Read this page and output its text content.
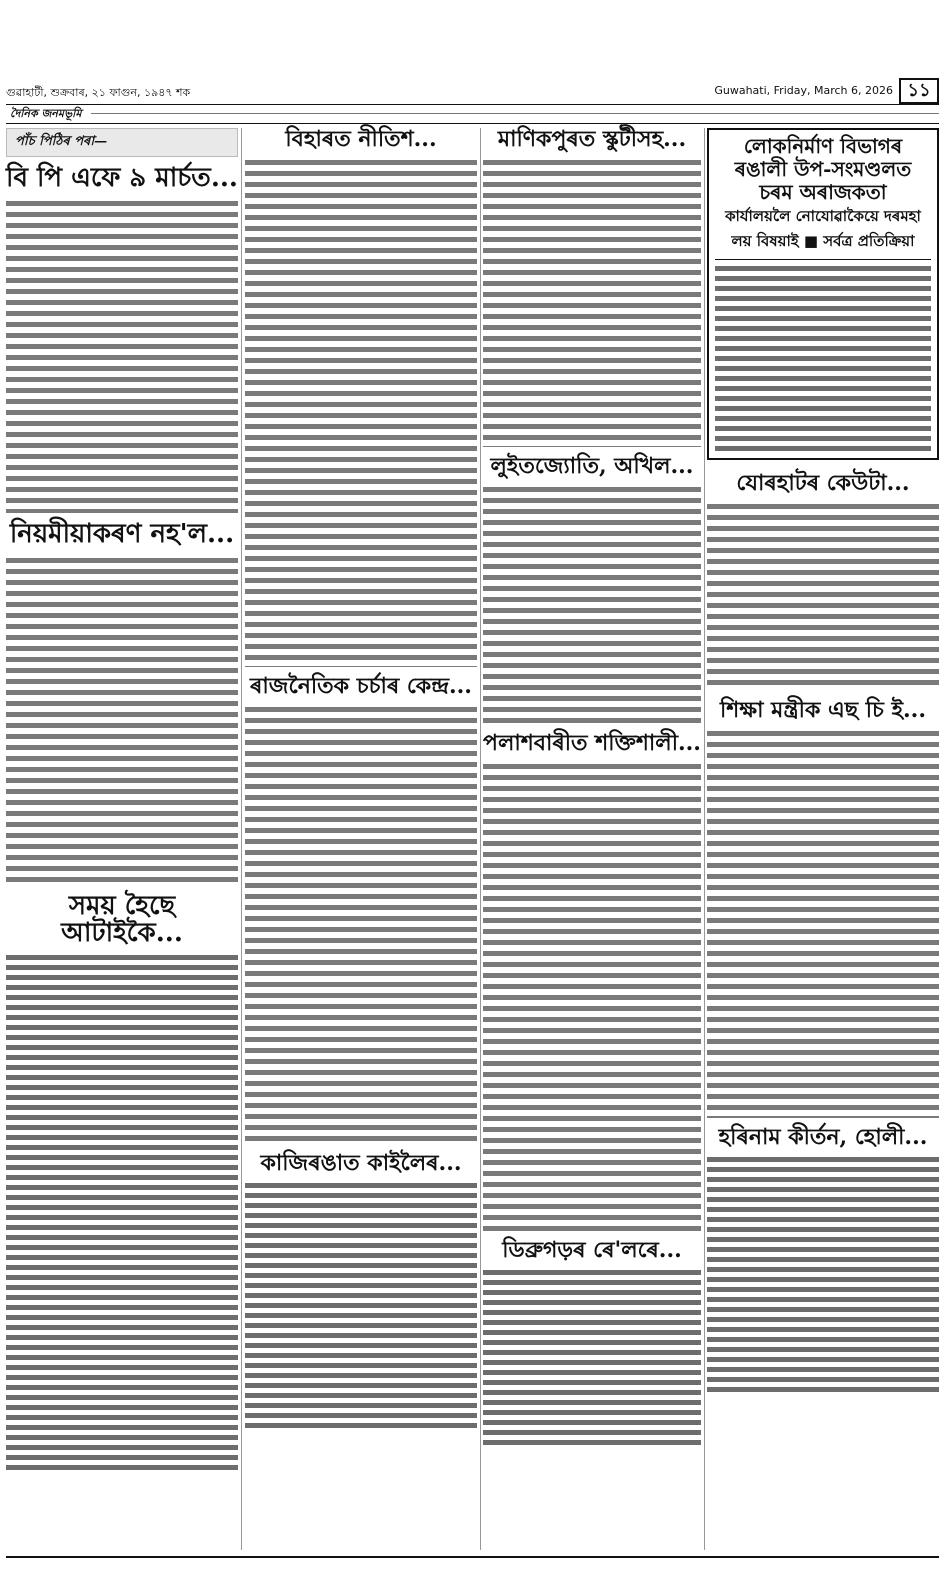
গুৱাহাটী, শুক্ৰবাৰ, ২১ ফাগুন, ১৯৪৭ শক	Guwahati, Friday, March 6, 2026 ১১
দৈনিক জনমভূমি
পাঁচ পিঠিৰ পৰা—
বি পি এফে ৯ মাৰ্চত...
নিয়মীয়াকৰণ নহ'ল...
সময় হৈছে আটাইকৈ...
বিহাৰত নীতিশ...
ৰাজনৈতিক চৰ্চাৰ কেন্দ্ৰ...
কাজিৰঙাত কাইলৈৰ...
মাণিকপুৰত স্কুটীসহ...
লুইতজ্যোতি, অখিল...
পলাশবাৰীত শক্তিশালী...
ডিব্ৰুগড়ৰ ৰে'লৰে...
লোকনিৰ্মাণ বিভাগৰ
ৰঙালী উপ-সংমণ্ডলত
চৰম অৰাজকতা
কাৰ্যালয়লৈ নোযোৱাকৈয়ে দৰমহা
লয় বিষয়াই ■ সৰ্বত্ৰ প্ৰতিক্ৰিয়া
যোৰহাটৰ কেউটা...
শিক্ষা মন্ত্ৰীক এছ চি ই...
হৰিনাম কীৰ্তন, হোলী...
